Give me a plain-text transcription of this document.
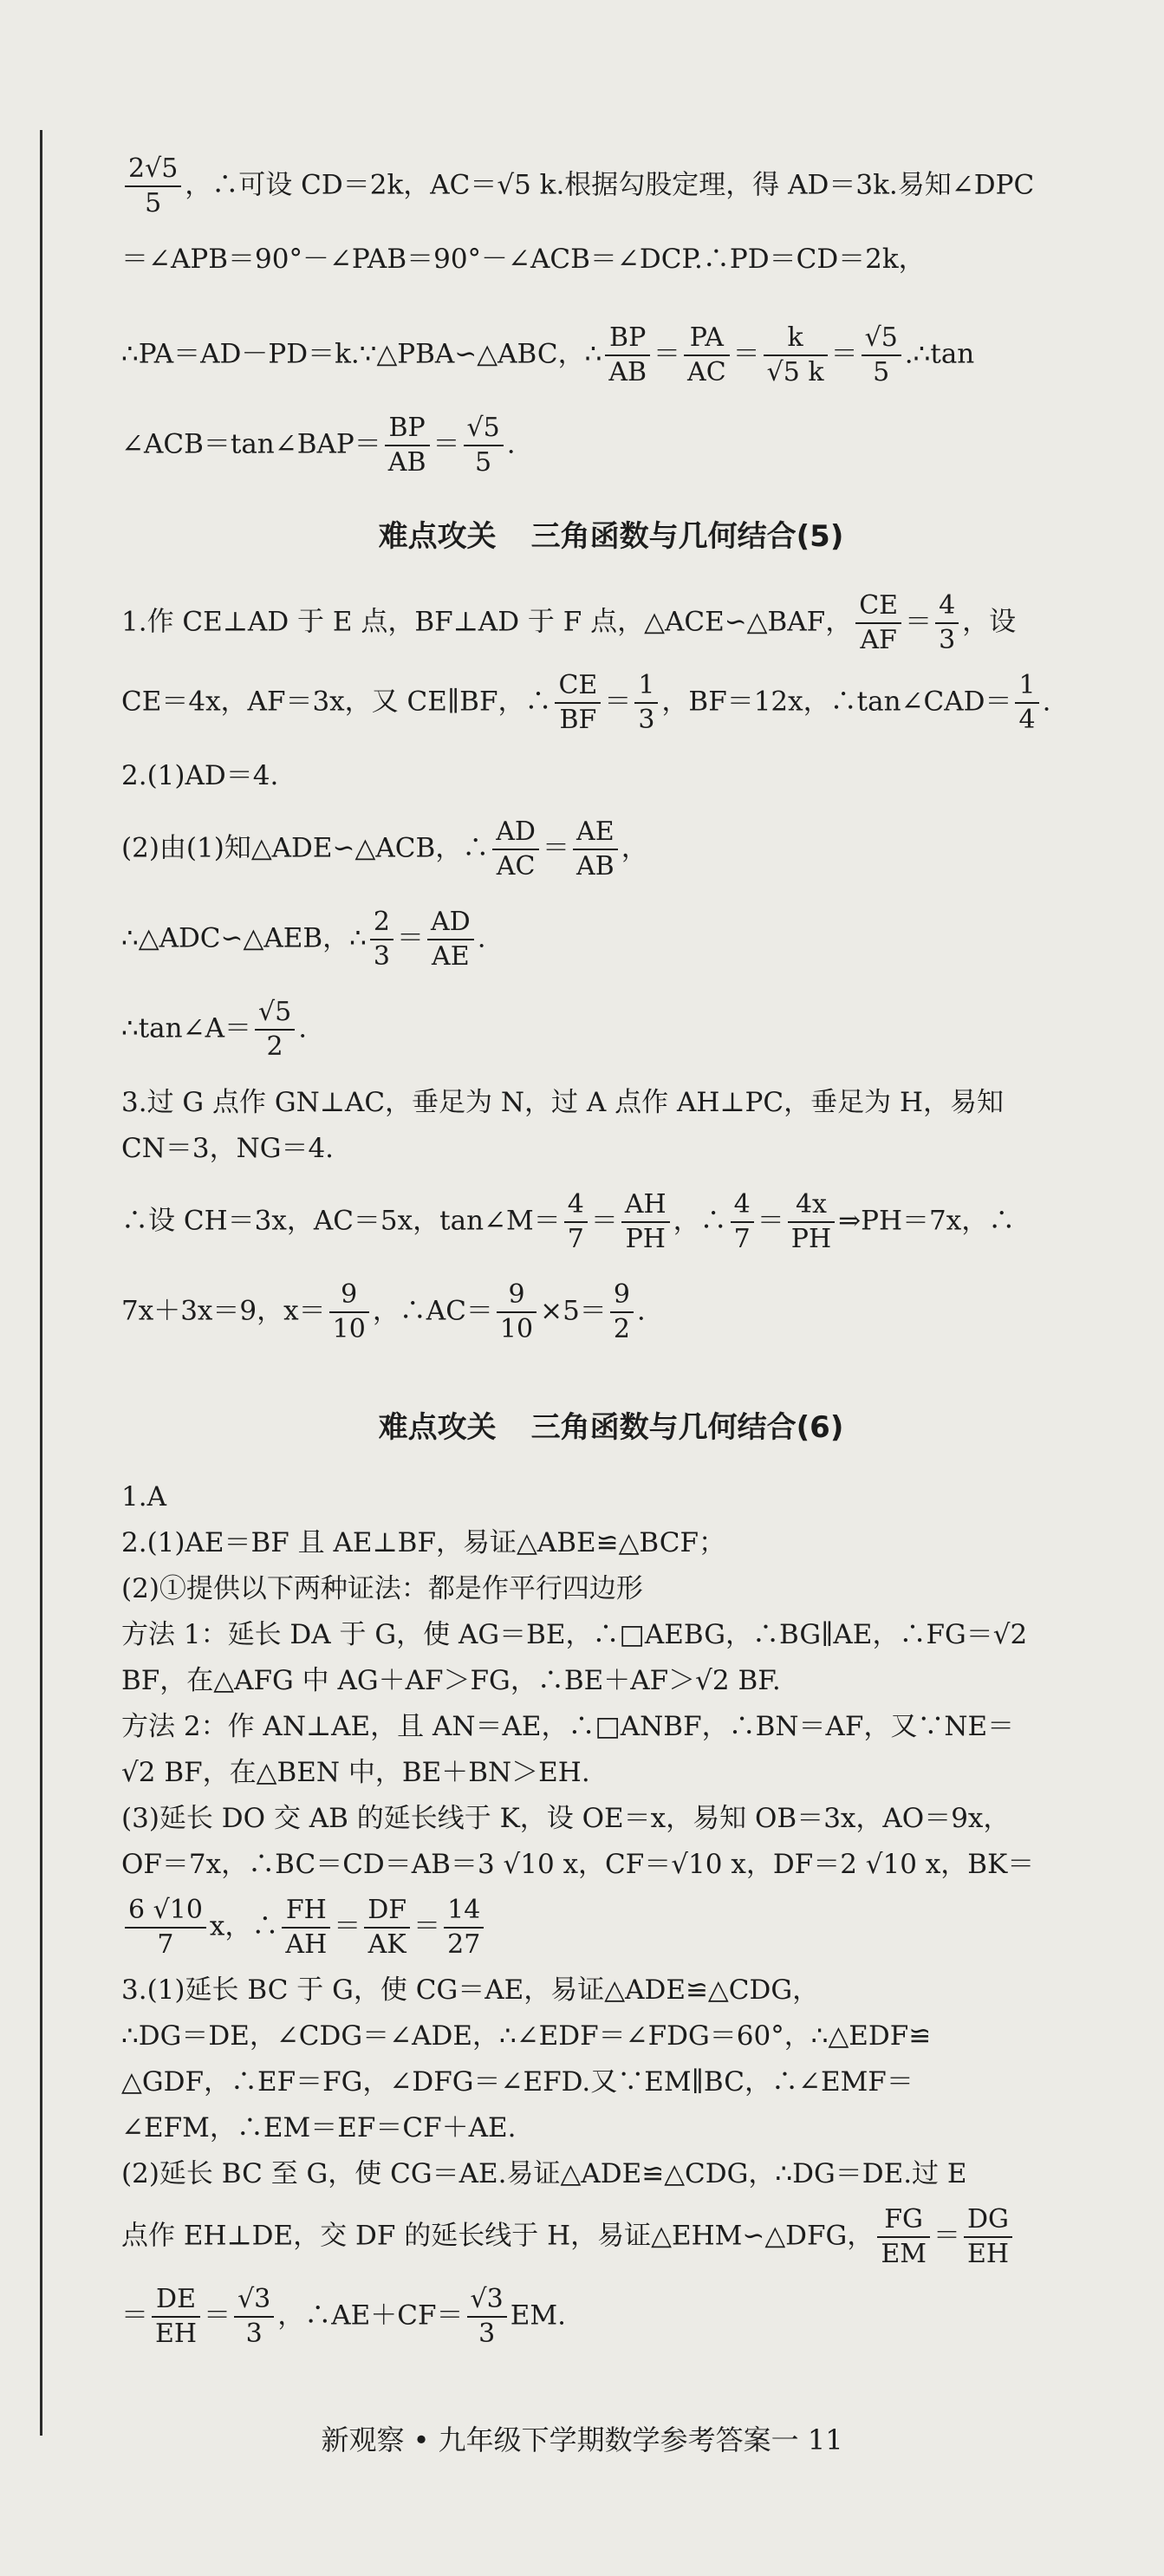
$\frac{2√5}{5}$ ，∴可设 CD＝2k，AC＝√5 k.根据勾股定理，得 AD＝3k.易知∠DPC
＝∠APB＝90°－∠PAB＝90°－∠ACB＝∠DCP.∴PD＝CD＝2k，
∴PA＝AD－PD＝k.∵△PBA∽△ABC，∴ $\frac{BP}{AB} = \frac{PA}{AC} = \frac{k}{√5 k} = \frac{√5}{5}$ .∴tan
∠ACB＝tan∠BAP＝ $\frac{BP}{AB} = \frac{√5}{5}$ .
难点攻关 三角函数与几何结合(5)
1.作 CE⊥AD 于 E 点，BF⊥AD 于 F 点，△ACE∽△BAF， $\frac{CE}{AF} = \frac{4}{3}$ ，设
CE＝4x，AF＝3x，又 CE∥BF，∴ $\frac{CE}{BF} = \frac{1}{3}$ ，BF＝12x，∴tan∠CAD＝ $\frac{1}{4}$ .
2.(1)AD＝4.
(2)由(1)知△ADE∽△ACB，∴ $\frac{AD}{AC} = \frac{AE}{AB}$ ，
∴△ADC∽△AEB，∴ $\frac{2}{3} = \frac{AD}{AE}$ .
∴tan∠A＝ $\frac{√5}{2}$ .
3.过 G 点作 GN⊥AC，垂足为 N，过 A 点作 AH⊥PC，垂足为 H，易知
CN＝3，NG＝4.
∴设 CH＝3x，AC＝5x，tan∠M＝ $\frac{4}{7} = \frac{AH}{PH}$ ，∴ $\frac{4}{7} = \frac{4x}{PH}$ ⇒PH＝7x，∴
7x＋3x＝9，$x= \frac{9}{10}$ ，∴AC＝ $\frac{9}{10} \times 5= \frac{9}{2}$ .
难点攻关 三角函数与几何结合(6)
1.A
2.(1)AE＝BF 且 AE⊥BF，易证△ABE≌△BCF；
(2)①提供以下两种证法：都是作平行四边形
方法 1：延长 DA 于 G，使 AG＝BE，∴□AEBG，∴BG∥AE，∴FG＝√2
BF，在△AFG 中 AG＋AF＞FG，∴BE＋AF＞√2 BF.
方法 2：作 AN⊥AE，且 AN＝AE，∴□ANBF，∴BN＝AF，又∵NE＝
√2 BF，在△BEN 中，BE＋BN＞EH.
(3)延长 DO 交 AB 的延长线于 K，设 OE＝x，易知 OB＝3x，AO＝9x，
OF＝7x，∴BC＝CD＝AB＝3 √10 x，CF＝√10 x，DF＝2 √10 x，BK＝
$\frac{6 √10}{7}$ x，∴ $\frac{FH}{AH} = \frac{DF}{AK} = \frac{14}{27}$
3.(1)延长 BC 于 G，使 CG＝AE，易证△ADE≌△CDG，
∴DG＝DE，∠CDG＝∠ADE，∴∠EDF＝∠FDG＝60°，∴△EDF≌
△GDF，∴EF＝FG，∠DFG＝∠EFD.又∵EM∥BC，∴∠EMF＝
∠EFM，∴EM＝EF＝CF＋AE.
(2)延长 BC 至 G，使 CG＝AE.易证△ADE≌△CDG，∴DG＝DE.过 E
点作 EH⊥DE，交 DF 的延长线于 H，易证△EHM∽△DFG， $\frac{FG}{EM} = \frac{DG}{EH}$
＝ $\frac{DE}{EH} = \frac{√3}{3}$ ，∴AE＋CF＝ $\frac{√3}{3}$ EM.
新观察 • 九年级下学期数学参考答案一 11
